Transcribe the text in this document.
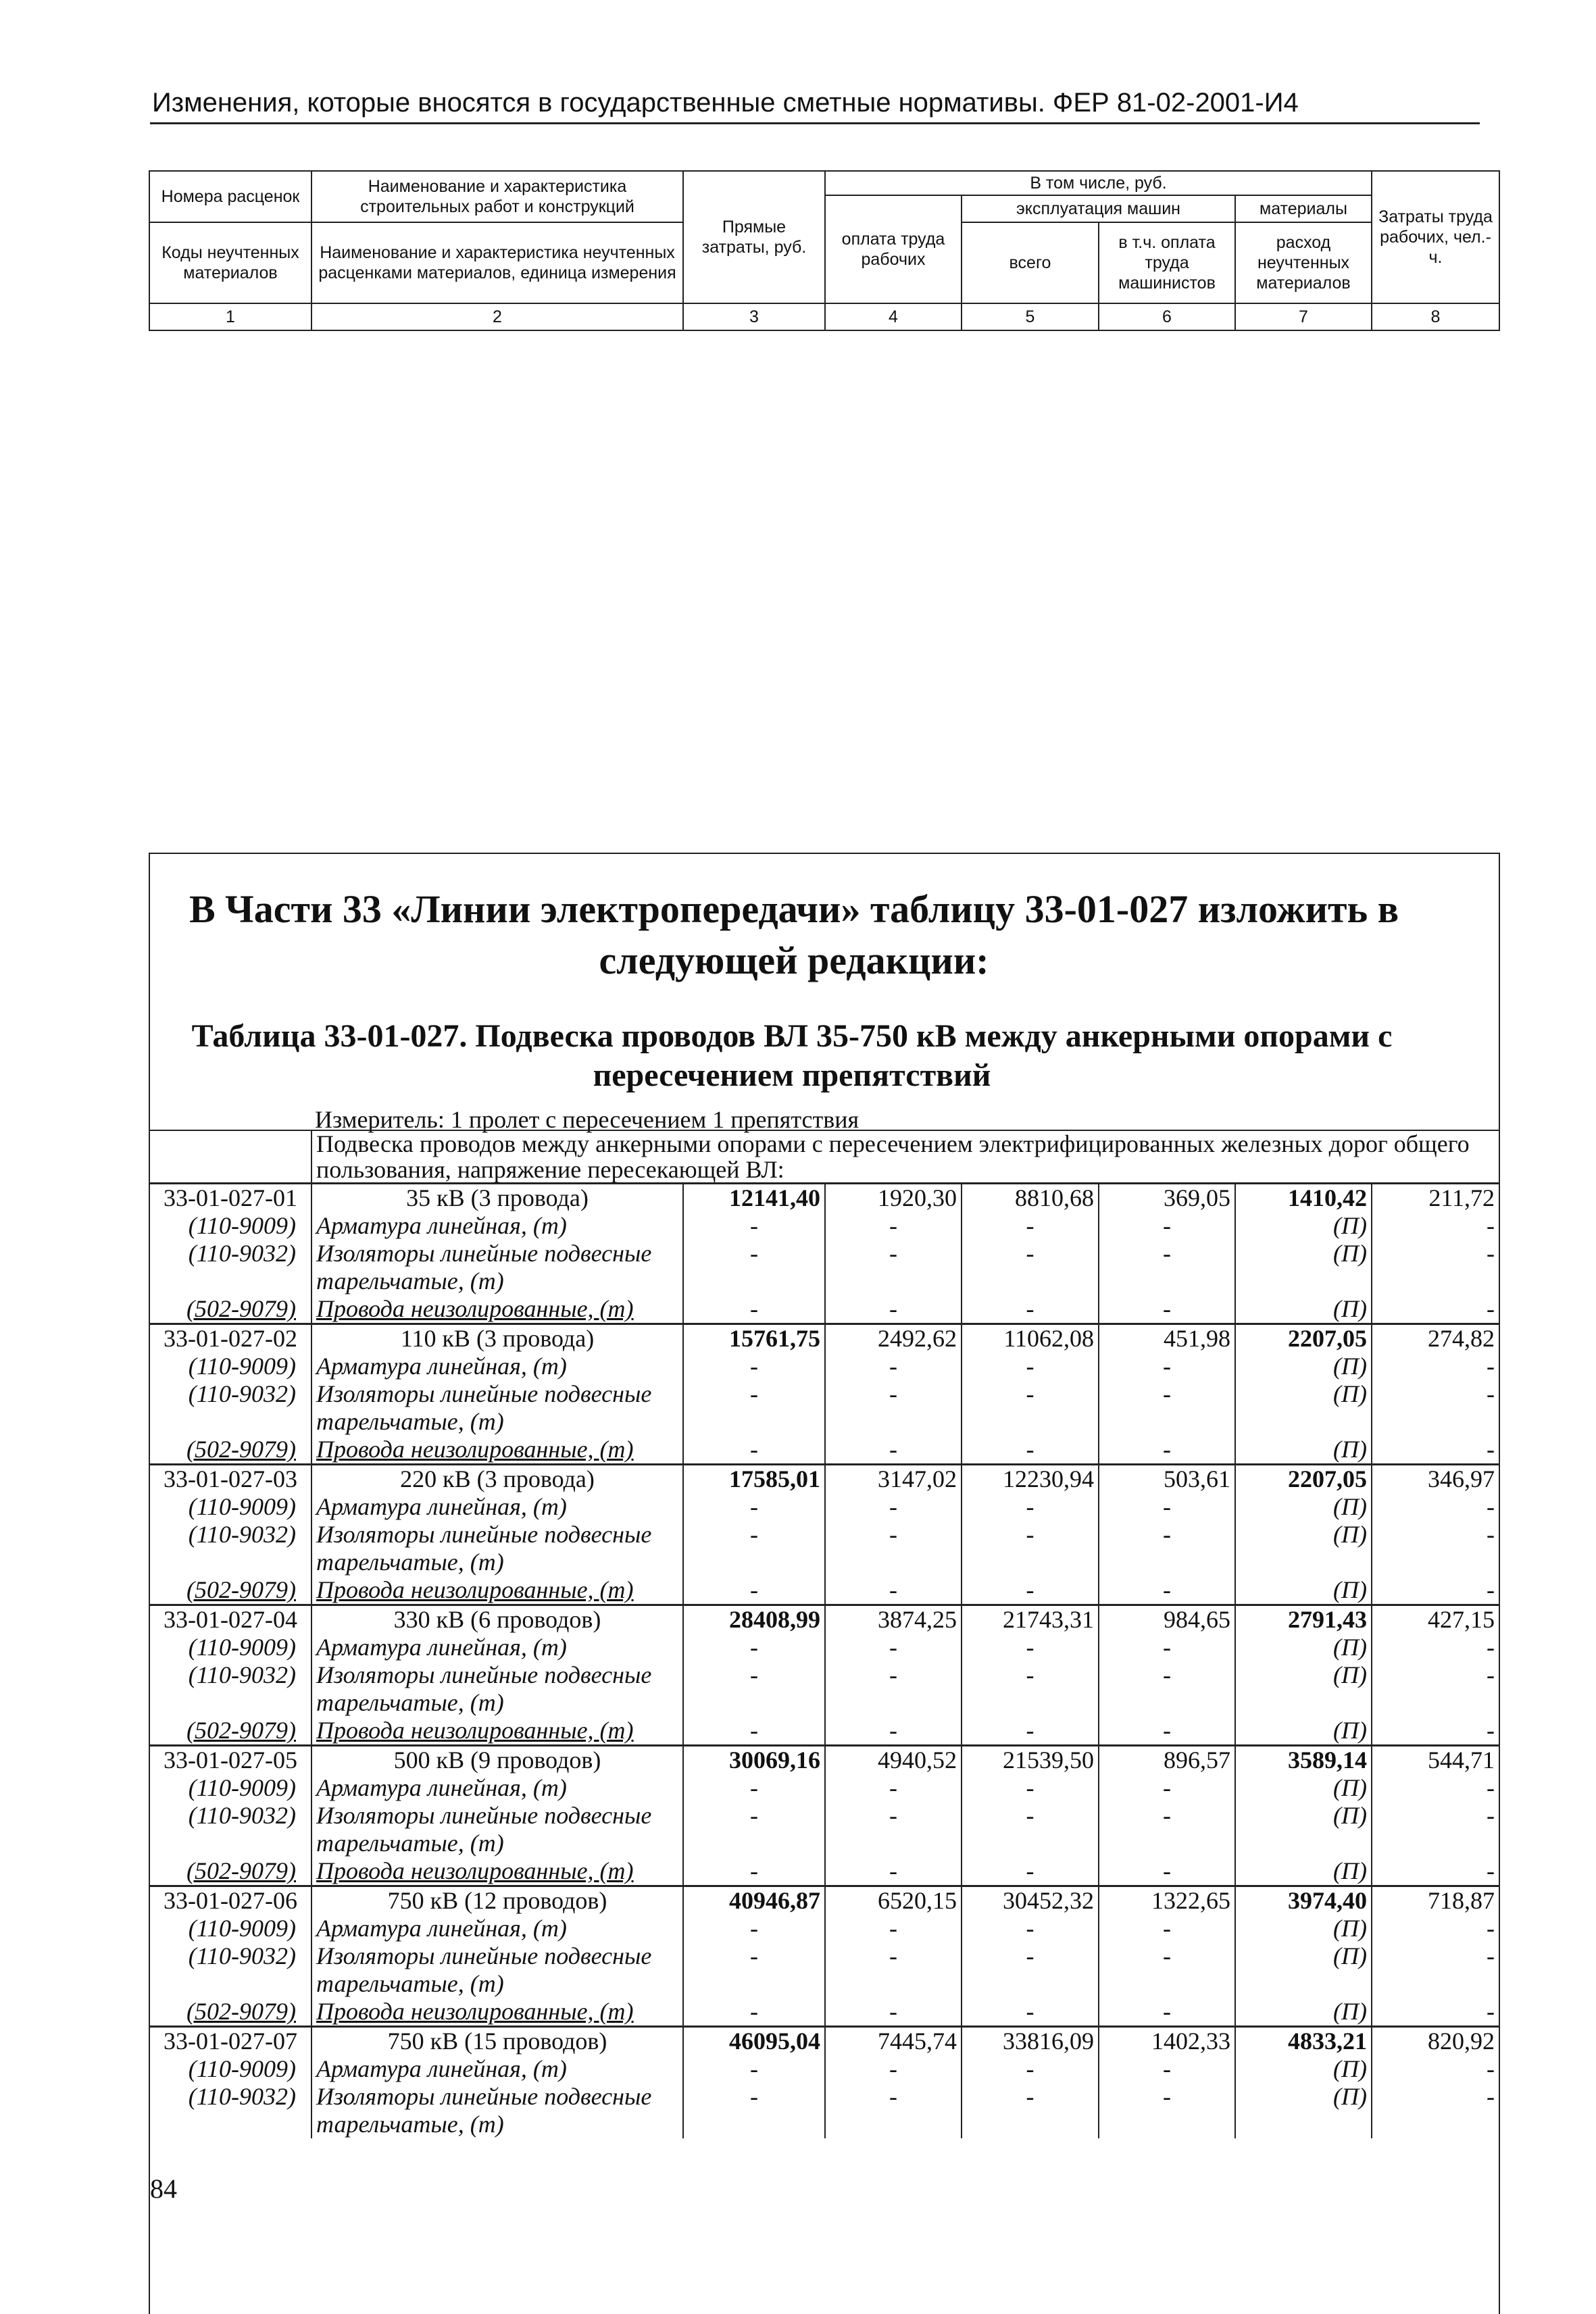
Изменения, которые вносятся в государственные сметные нормативы. ФЕР 81-02-2001-И4
Номера расценок	Наименование и характеристика строительных работ и конструкций	Прямые затраты, руб.	В том числе, руб.				Затраты труда рабочих, чел.-ч.
			оплата труда рабочих	эксплуатация машин		материалы	
Коды неучтенных материалов	Наименование и характеристика неучтенных расценками материалов, единица измерения			всего	в т.ч. оплата труда машинистов	расход неучтенных материалов	

1	2	3	4	5	6	7	8
В Части 33 «Линии электропередачи» таблицу 33-01-027 изложить в следующей редакции:
Таблица 33-01-027. Подвеска проводов ВЛ 35-750 кВ между анкерными опорами с пересечением препятствий
Измеритель: 1 пролет с пересечением 1 препятствия
	Подвеска проводов между анкерными опорами с пересечением электрифицированных железных дорог общего пользования, напряжение пересекающей ВЛ:						
33-01-027-01	35 кВ (3 провода)	12141,40	1920,30	8810,68	369,05	1410,42	211,72
(110-9009)	Арматура линейная, (т)	-	-	-	-	(П)	-
(110-9032)	Изоляторы линейные подвесные тарельчатые, (т)	-	-	-	-	(П)	-
(502-9079)	Провода неизолированные, (т)	-	-	-	-	(П)	-
33-01-027-02	110 кВ (3 провода)	15761,75	2492,62	11062,08	451,98	2207,05	274,82
(110-9009)	Арматура линейная, (т)	-	-	-	-	(П)	-
(110-9032)	Изоляторы линейные подвесные тарельчатые, (т)	-	-	-	-	(П)	-
(502-9079)	Провода неизолированные, (т)	-	-	-	-	(П)	-
33-01-027-03	220 кВ (3 провода)	17585,01	3147,02	12230,94	503,61	2207,05	346,97
(110-9009)	Арматура линейная, (т)	-	-	-	-	(П)	-
(110-9032)	Изоляторы линейные подвесные тарельчатые, (т)	-	-	-	-	(П)	-
(502-9079)	Провода неизолированные, (т)	-	-	-	-	(П)	-
33-01-027-04	330 кВ (6 проводов)	28408,99	3874,25	21743,31	984,65	2791,43	427,15
(110-9009)	Арматура линейная, (т)	-	-	-	-	(П)	-
(110-9032)	Изоляторы линейные подвесные тарельчатые, (т)	-	-	-	-	(П)	-
(502-9079)	Провода неизолированные, (т)	-	-	-	-	(П)	-
33-01-027-05	500 кВ (9 проводов)	30069,16	4940,52	21539,50	896,57	3589,14	544,71
(110-9009)	Арматура линейная, (т)	-	-	-	-	(П)	-
(110-9032)	Изоляторы линейные подвесные тарельчатые, (т)	-	-	-	-	(П)	-
(502-9079)	Провода неизолированные, (т)	-	-	-	-	(П)	-
33-01-027-06	750 кВ (12 проводов)	40946,87	6520,15	30452,32	1322,65	3974,40	718,87
(110-9009)	Арматура линейная, (т)	-	-	-	-	(П)	-
(110-9032)	Изоляторы линейные подвесные тарельчатые, (т)	-	-	-	-	(П)	-
(502-9079)	Провода неизолированные, (т)	-	-	-	-	(П)	-
33-01-027-07	750 кВ (15 проводов)	46095,04	7445,74	33816,09	1402,33	4833,21	820,92
(110-9009)	Арматура линейная, (т)	-	-	-	-	(П)	-
(110-9032)	Изоляторы линейные подвесные тарельчатые, (т)	-	-	-	-	(П)	-
84
